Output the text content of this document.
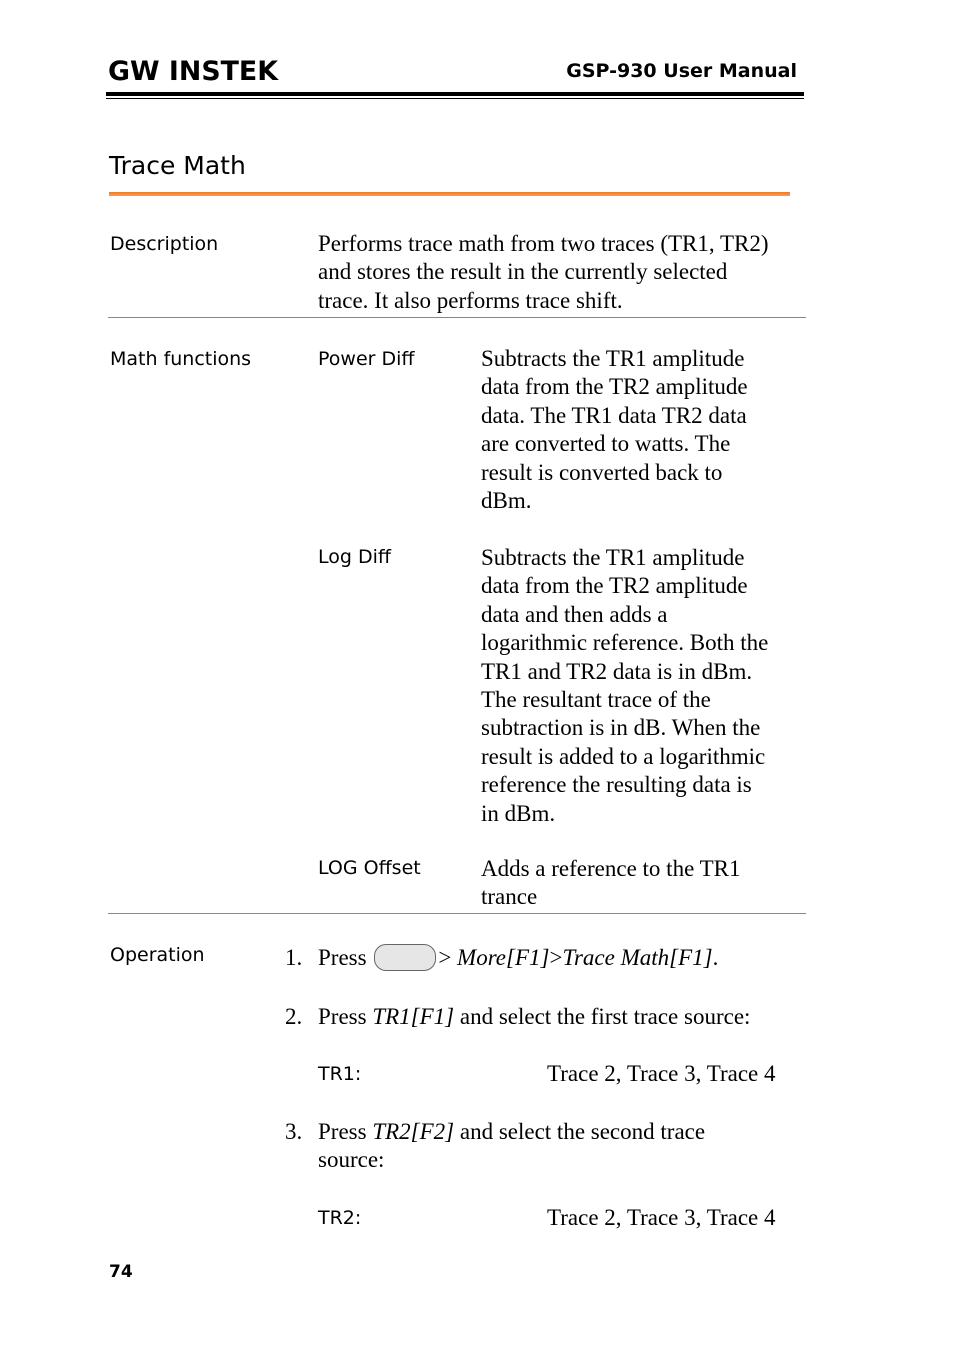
GW INSTEK	GSP-930 User Manual
Trace Math
Description	Performs trace math from two traces (TR1, TR2)
and stores the result in the currently selected
trace. It also performs trace shift.
Math functions	Power Diff	Subtracts the TR1 amplitude
data from the TR2 amplitude
data. The TR1 data TR2 data
are converted to watts. The
result is converted back to
dBm.
Log Diff	Subtracts the TR1 amplitude
data from the TR2 amplitude
data and then adds a
logarithmic reference. Both the
TR1 and TR2 data is in dBm.
The resultant trace of the
subtraction is in dB. When the
result is added to a logarithmic
reference the resulting data is
in dBm.
LOG Offset	Adds a reference to the TR1
trance
Operation	1. Press	> More[F1]>Trace Math[F1].
2. Press TR1[F1] and select the first trace source:
TR1:	Trace 2, Trace 3, Trace 4
3. Press TR2[F2] and select the second trace
source:
TR2:	Trace 2, Trace 3, Trace 4
74
